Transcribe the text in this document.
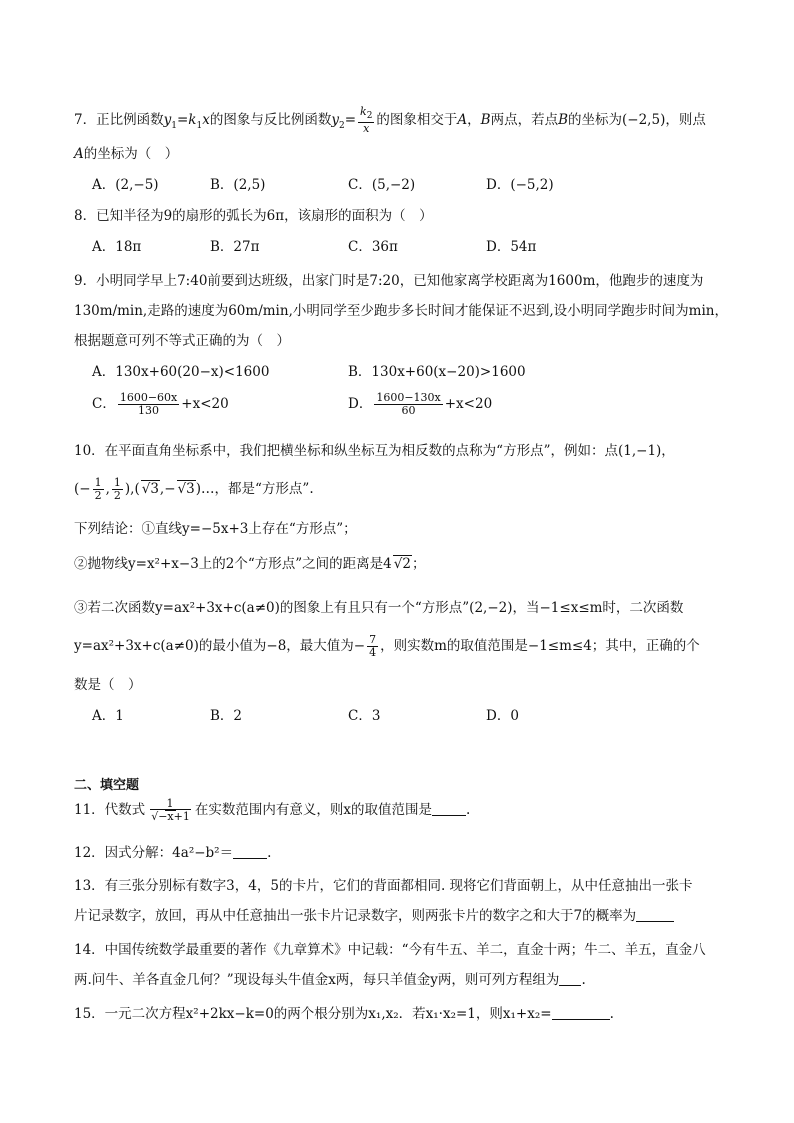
7．正比例函数$y_1=k_1x$的图象与反比例函数$y_2= \frac{k_2}{x}$ 的图象相交于A，B两点，若点B的坐标为(−2,5)，则点
A的坐标为（　）
A．(2,−5)	B．(2,5)	C．(5,−2)	D．(−5,2)
8．已知半径为9的扇形的弧长为6π，该扇形的面积为（　）
A．18π	B．27π	C．36π	D．54π
9．小明同学早上7:40前要到达班级，出家门时是7:20，已知他家离学校距离为1600m，他跑步的速度为
130m/min,走路的速度为60m/min,小明同学至少跑步多长时间才能保证不迟到,设小明同学跑步时间为min，
根据题意可列不等式正确的为（　）
A．130x+60(20−x)<1600	B．130x+60(x−20)>1600
C． $\frac{1600-60x}{130} +x<20$	D． $\frac{1600-130x}{60} +x<20$
10．在平面直角坐标系中，我们把横坐标和纵坐标互为相反数的点称为“方形点”，例如：点(1,−1)，
(− $\frac{1}{2}$ , $\frac{1}{2}$ ),( √3,− √3)…，都是“方形点”.
下列结论：①直线y=−5x+3上存在“方形点”；
②抛物线y=x²+x−3上的2个“方形点”之间的距离是4 √2；
③若二次函数y=ax²+3x+c(a≠0)的图象上有且只有一个“方形点”(2,−2)，当−1≤x≤m时，二次函数
y=ax²+3x+c(a≠0)的最小值为−8，最大值为− $\frac{7}{4}$ ，则实数m的取值范围是−1≤m≤4；其中，正确的个
数是（　）
A．1	B．2	C．3	D．0
二、填空题
11．代数式 $\frac{1}{√-x+1}$ 在实数范围内有意义，则x的取值范围是	.
12．因式分解：4a²−b²＝	.
13．有三张分别标有数字3，4，5的卡片，它们的背面都相同. 现将它们背面朝上，从中任意抽出一张卡
片记录数字，放回，再从中任意抽出一张卡片记录数字，则两张卡片的数字之和大于7的概率为
14．中国传统数学最重要的著作《九章算术》中记载：“今有牛五、羊二，直金十两；牛二、羊五，直金八
两.问牛、羊各直金几何？”现设每头牛值金x两，每只羊值金y两，则可列方程组为 .
15．一元二次方程x²+2kx−k=0的两个根分别为x₁,x₂．若x₁·x₂=1，则x₁+x₂=	.
